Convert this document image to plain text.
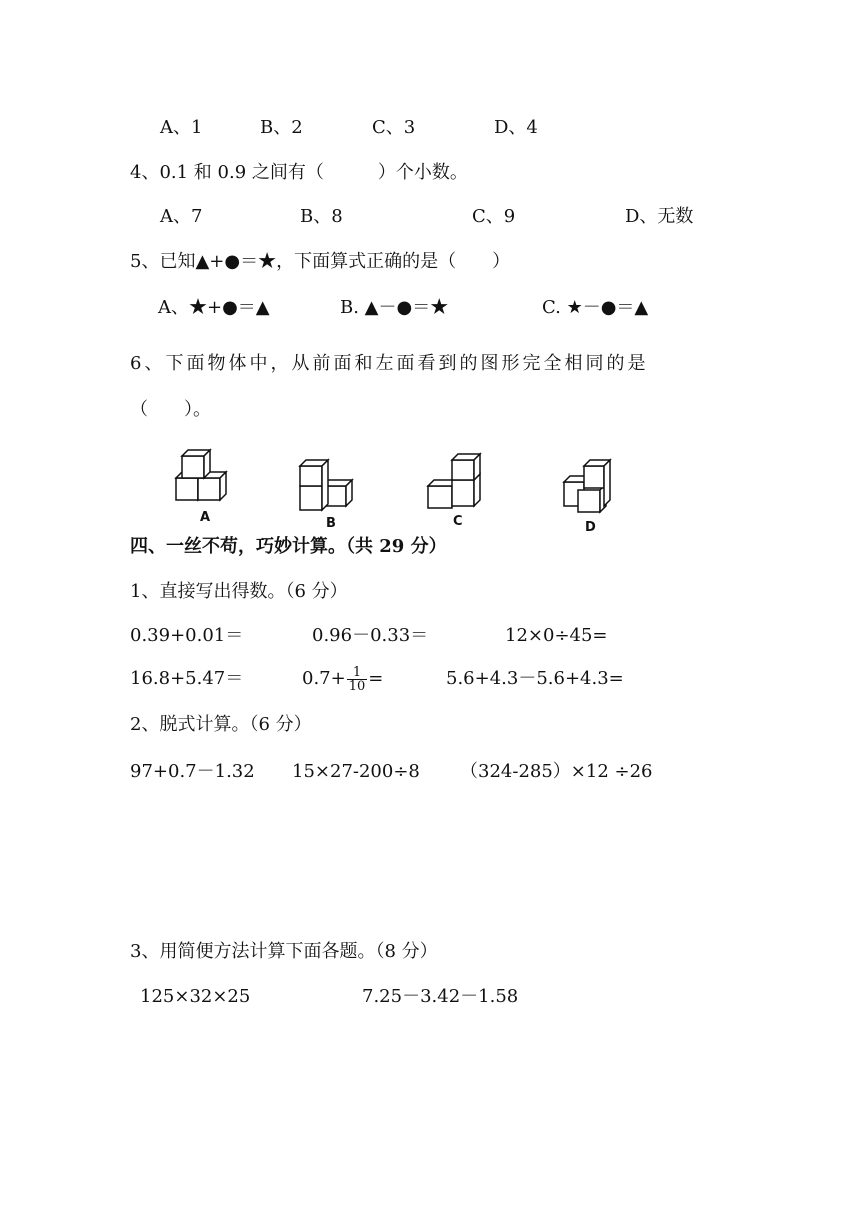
A、1	B、2	C、3	D、4
4、0.1 和 0.9 之间有（　　　）个小数。
A、7	B、8	C、9	D、无数
5、已知▲+●＝★，下面算式正确的是（　　）
A、★+●＝▲	B. ▲－●＝★	C. ★－●＝▲
6、下面物体中，从前面和左面看到的图形完全相同的是
（　　）。
A	B	C	D
四、一丝不苟，巧妙计算。（共 29 分）
1、直接写出得数。（6 分）
0.39+0.01＝	0.96－0.33＝	12×0÷45=
16.8+5.47＝	$0.7+ \frac{1}{10}$ =	5.6+4.3－5.6+4.3=
2、脱式计算。（6 分）
97+0.7－1.32 15×27-200÷8 （324-285）×12 ÷26
3、用简便方法计算下面各题。（8 分）
125×32×25	7.25－3.42－1.58
